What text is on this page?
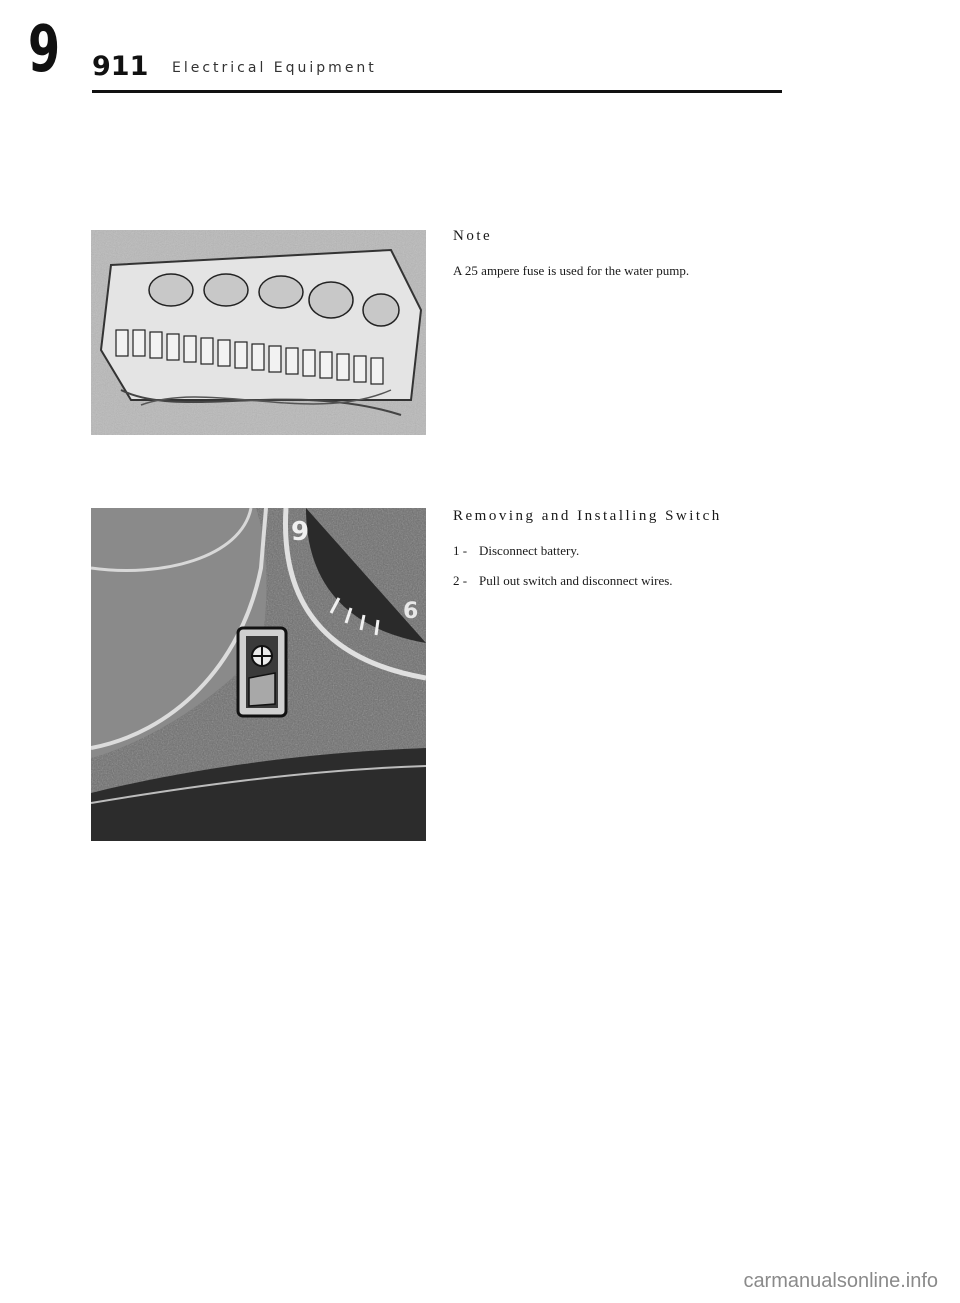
9 911 Electrical Equipment
9
6
Note

A 25 ampere fuse is used for the water pump.

Removing and Installing Switch
1 - Disconnect battery.
2 - Pull out switch and disconnect wires.
carmanualsonline.info
